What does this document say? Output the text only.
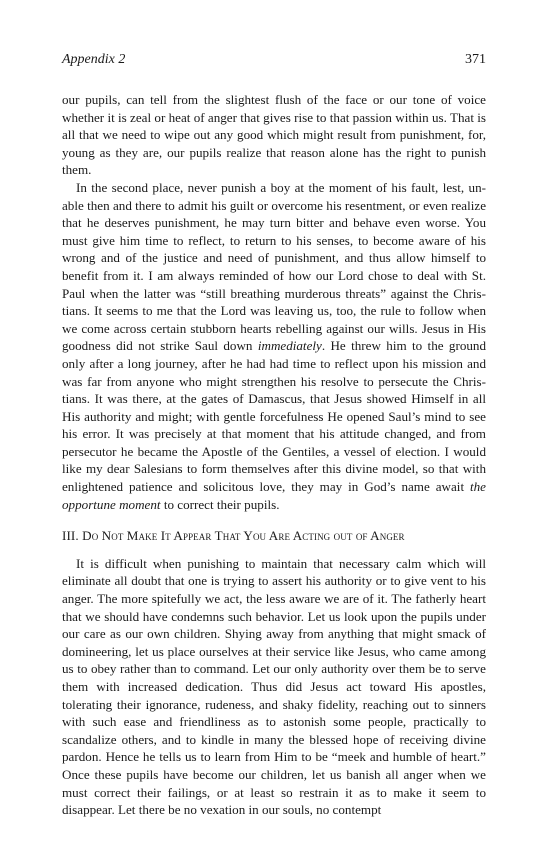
Appendix 2	371

our pupils, can tell from the slightest flush of the face or our tone of voice whether it is zeal or heat of anger that gives rise to that passion within us. That is all that we need to wipe out any good which might result from punishment, for, young as they are, our pupils realize that reason alone has the right to punish them.

In the second place, never punish a boy at the moment of his fault, lest, unable then and there to admit his guilt or overcome his resentment, or even realize that he deserves punishment, he may turn bitter and behave even worse. You must give him time to reflect, to return to his senses, to become aware of his wrong and of the justice and need of punishment, and thus allow himself to benefit from it. I am always reminded of how our Lord chose to deal with St. Paul when the latter was “still breathing murderous threats” against the Christians. It seems to me that the Lord was leaving us, too, the rule to follow when we come across certain stubborn hearts rebelling against our wills. Jesus in His goodness did not strike Saul down immediately. He threw him to the ground only after a long journey, after he had had time to reflect upon his mission and was far from anyone who might strengthen his resolve to persecute the Christians. It was there, at the gates of Damascus, that Jesus showed Himself in all His authority and might; with gentle forcefulness He opened Saul’s mind to see his error. It was precisely at that moment that his attitude changed, and from persecutor he became the Apostle of the Gentiles, a vessel of election. I would like my dear Salesians to form themselves after this divine model, so that with enlightened patience and solicitous love, they may in God’s name await the opportune moment to correct their pupils.

III. Do Not Make It Appear That You Are Acting out of Anger

It is difficult when punishing to maintain that necessary calm which will eliminate all doubt that one is trying to assert his authority or to give vent to his anger. The more spitefully we act, the less aware we are of it. The fatherly heart that we should have condemns such behavior. Let us look upon the pupils under our care as our own children. Shying away from anything that might smack of domineering, let us place ourselves at their service like Jesus, who came among us to obey rather than to command. Let our only authority over them be to serve them with increased dedication. Thus did Jesus act toward His apostles, tolerating their ignorance, rudeness, and shaky fidelity, reaching out to sinners with such ease and friendliness as to astonish some people, practically to scandalize others, and to kindle in many the blessed hope of receiving divine pardon. Hence he tells us to learn from Him to be “meek and humble of heart.” Once these pupils have become our children, let us banish all anger when we must correct their failings, or at least so restrain it as to make it seem to disappear. Let there be no vexation in our souls, no contempt
